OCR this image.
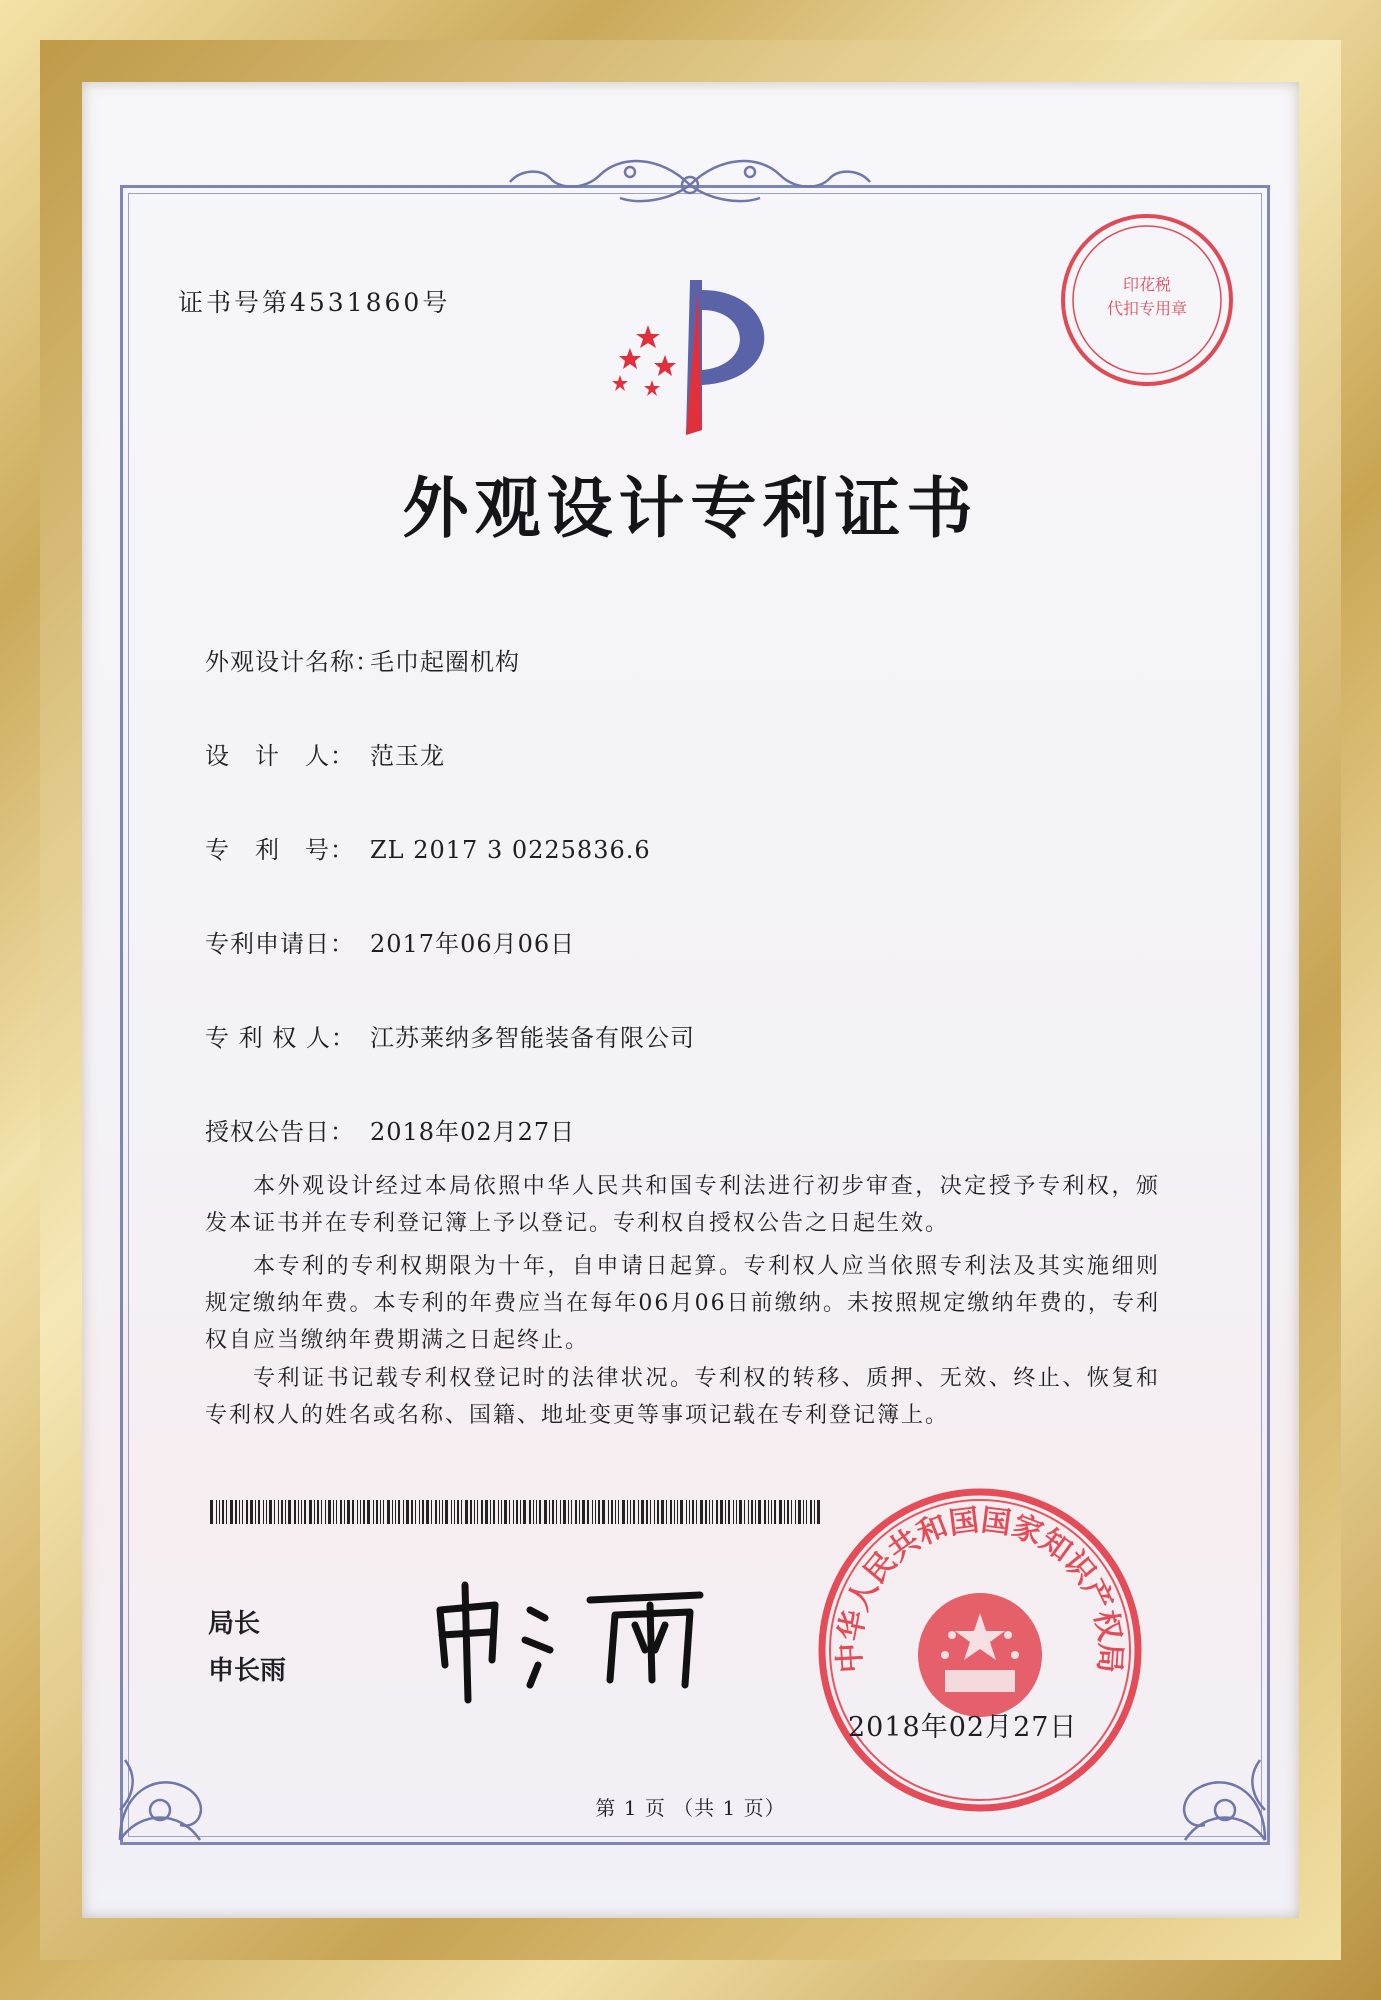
印花税
代扣专用章
证书号第4531860号
外观设计专利证书
外观设计名称：毛巾起圈机构
设　计　人： 范玉龙
专　利　号： ZL 2017 3 0225836.6
专利申请日： 2017年06月06日
专 利 权 人： 江苏莱纳多智能装备有限公司
授权公告日： 2018年02月27日
本外观设计经过本局依照中华人民共和国专利法进行初步审查，决定授予专利权，颁发本证书并在专利登记簿上予以登记。专利权自授权公告之日起生效。
本专利的专利权期限为十年，自申请日起算。专利权人应当依照专利法及其实施细则规定缴纳年费。本专利的年费应当在每年06月06日前缴纳。未按照规定缴纳年费的，专利权自应当缴纳年费期满之日起终止。
专利证书记载专利权登记时的法律状况。专利权的转移、质押、无效、终止、恢复和专利权人的姓名或名称、国籍、地址变更等事项记载在专利登记簿上。
局长
申长雨	中华人民共和国国家知识产权局
2018年02月27日
第 1 页 （共 1 页）
